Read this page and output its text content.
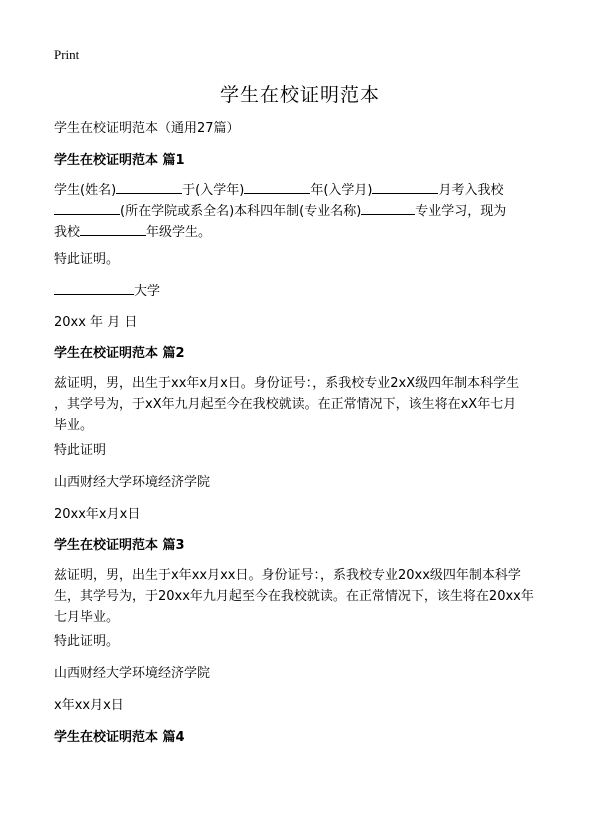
Print
学生在校证明范本
学生在校证明范本（通用27篇）
学生在校证明范本 篇1
学生(姓名)	于(入学年)	年(入学月)	月考入我校
(所在学院或系全名)本科四年制(专业名称)	专业学习，现为
我校	年级学生。
特此证明。
大学
20xx 年 月 日
学生在校证明范本 篇2
兹证明，男，出生于xx年x月x日。身份证号：，系我校专业2xX级四年制本科学生
，其学号为，于xX年九月起至今在我校就读。在正常情况下，该生将在xX年七月
毕业。
特此证明
山西财经大学环境经济学院
20xx年x月x日
学生在校证明范本 篇3
兹证明，男，出生于x年xx月xx日。身份证号：，系我校专业20xx级四年制本科学
生，其学号为，于20xx年九月起至今在我校就读。在正常情况下，该生将在20xx年
七月毕业。
特此证明。
山西财经大学环境经济学院
x年xx月x日
学生在校证明范本 篇4
